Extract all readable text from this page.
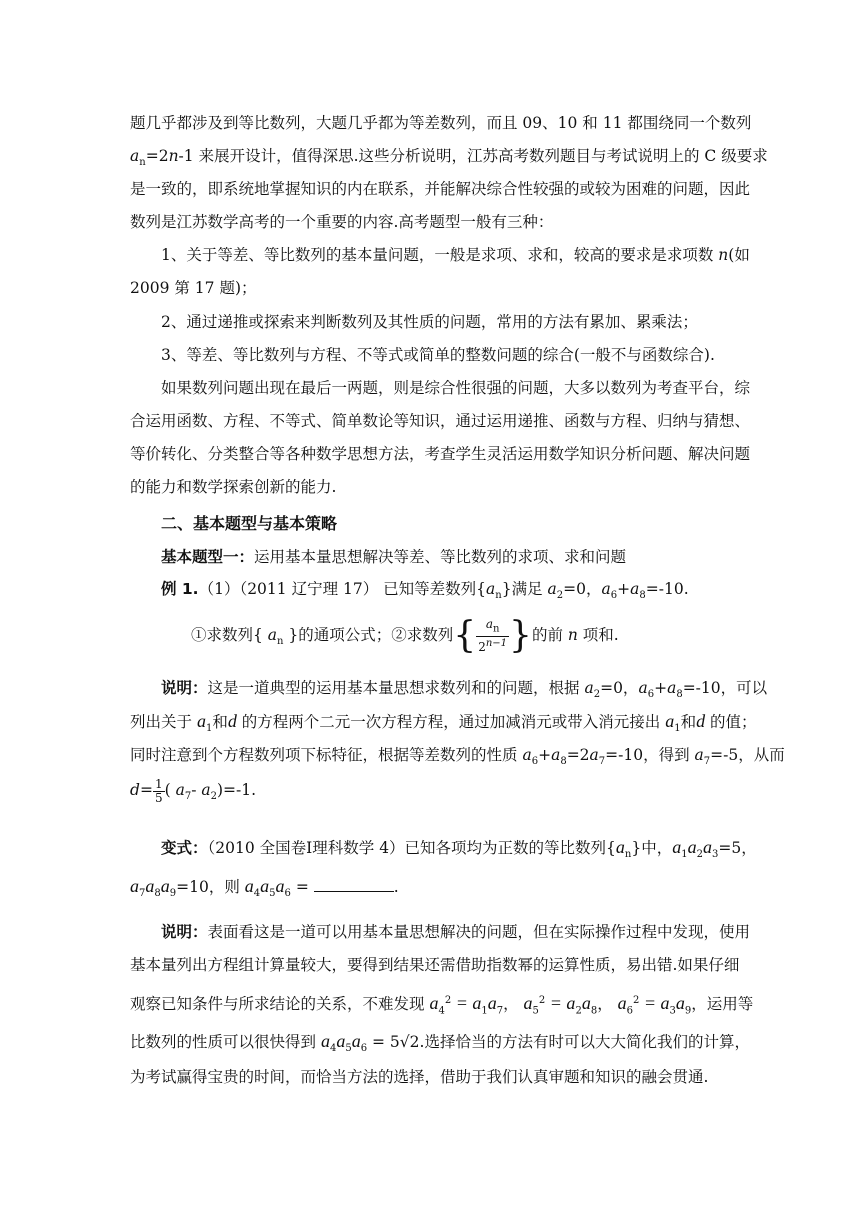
题几乎都涉及到等比数列，大题几乎都为等差数列，而且 09、10 和 11 都围绕同一个数列
$a_n=2n-1$ 来展开设计，值得深思.这些分析说明，江苏高考数列题目与考试说明上的 C 级要求
是一致的，即系统地掌握知识的内在联系，并能解决综合性较强的或较为困难的问题，因此
数列是江苏数学高考的一个重要的内容.高考题型一般有三种：
1、关于等差、等比数列的基本量问题，一般是求项、求和，较高的要求是求项数 n(如
2009 第 17 题)；
2、通过递推或探索来判断数列及其性质的问题，常用的方法有累加、累乘法；
3、等差、等比数列与方程、不等式或简单的整数问题的综合(一般不与函数综合).
如果数列问题出现在最后一两题，则是综合性很强的问题，大多以数列为考查平台，综
合运用函数、方程、不等式、简单数论等知识，通过运用递推、函数与方程、归纳与猜想、
等价转化、分类整合等各种数学思想方法，考查学生灵活运用数学知识分析问题、解决问题
的能力和数学探索创新的能力.
二、基本题型与基本策略
基本题型一：运用基本量思想解决等差、等比数列的求项、求和问题
例 1.（1）（2011 辽宁理 17） 已知等差数列$\{a_n\}$满足 $a_2=0$，$a_6+a_8=-10$.
①求数列{ $a_n$ }的通项公式；②求数列{ $\frac{a_n}{2^{n-1}}$ }的前 n 项和.
说明：这是一道典型的运用基本量思想求数列和的问题，根据 $a_2=0$，$a_6+a_8=-10$，可以
列出关于 $a_1$和d 的方程两个二元一次方程方程，通过加减消元或带入消元接出 $a_1$和d 的值；
同时注意到个方程数列项下标特征，根据等差数列的性质 $a_6+a_8=2a_7=-10$，得到 $a_7=-5$，从而
$d= \frac{1}{5}$ ( $a_7-$ $a_2)=-1$.
变式：（2010 全国卷Ⅰ理科数学 4）已知各项均为正数的等比数列$\{a_n\}$中，$a_1a_2a_3=5$，
$a_7a_8a_9=10$，则 $a_4a_5a_6$ =	.
说明：表面看这是一道可以用基本量思想解决的问题，但在实际操作过程中发现，使用
基本量列出方程组计算量较大，要得到结果还需借助指数幂的运算性质，易出错.如果仔细
观察已知条件与所求结论的关系，不难发现 $a_4^2 = a_1a_7$， $a_5^2 = a_2a_8$， $a_6^2 = a_3a_9$，运用等
比数列的性质可以很快得到 $a_4a_5a_6 = 5√2$.选择恰当的方法有时可以大大简化我们的计算，
为考试赢得宝贵的时间，而恰当方法的选择，借助于我们认真审题和知识的融会贯通.
